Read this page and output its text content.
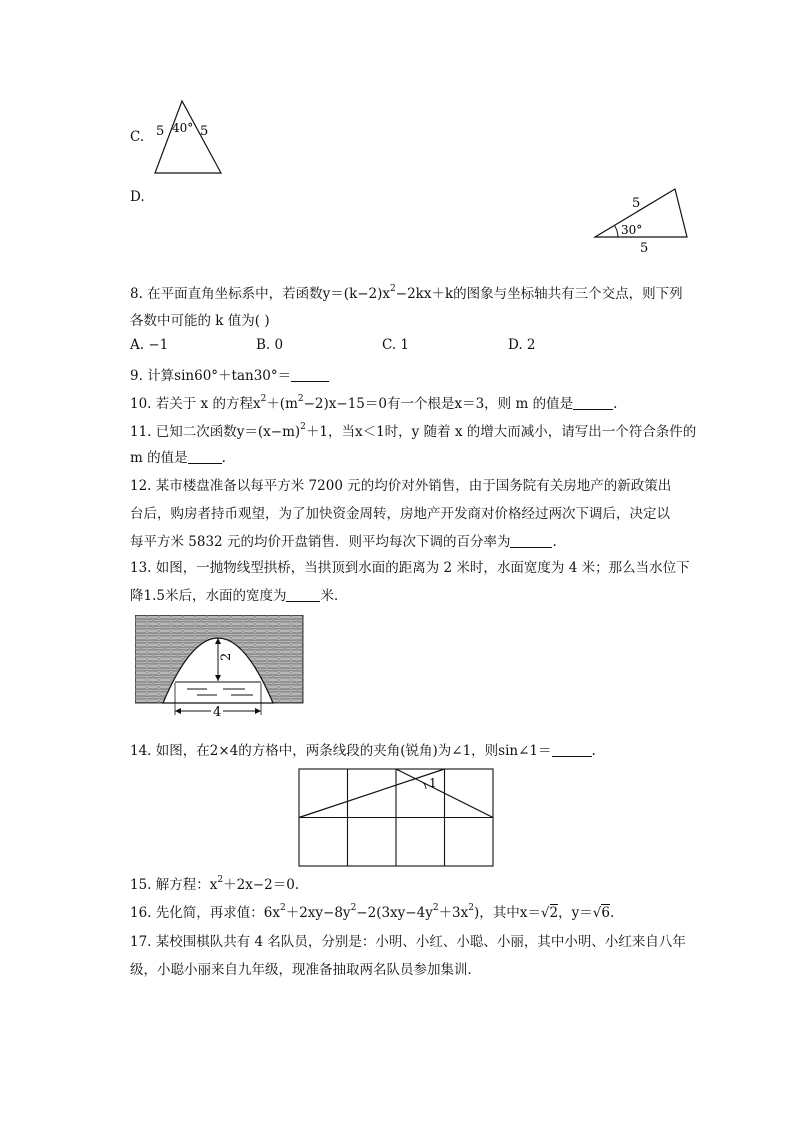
C. 5 40° 5
D.	5
30°
5
8. 在平面直角坐标系中，若函数$y=(k-2)x^2-2kx+k$的图象与坐标轴共有三个交点，则下列
各数中可能的 k 值为( )
A. −1	B. 0	C. 1	D. 2
9. 计算sin60°＋tan30°＝
10. 若关于 x 的方程$x^2+(m^2-2)x-15=0$有一个根是x＝3，则 m 的值是	.
11. 已知二次函数$y=(x-m)^2+1$，当x＜1时，y 随着 x 的增大而减小，请写出一个符合条件的
m 的值是	.
12. 某市楼盘准备以每平方米 7200 元的均价对外销售，由于国务院有关房地产的新政策出
台后，购房者持币观望，为了加快资金周转，房地产开发商对价格经过两次下调后，决定以
每平方米 5832 元的均价开盘销售．则平均每次下调的百分率为	.
13. 如图，一抛物线型拱桥，当拱顶到水面的距离为 2 米时，水面宽度为 4 米；那么当水位下
降1.5米后，水面的宽度为	米．
2
4
14. 如图，在2×4的方格中，两条线段的夹角(锐角)为∠1，则sin∠1＝	.
1
15. 解方程：$x^2+2x-2=0$.
16. 先化简，再求值：$6x^2+2xy-8y^2-2(3xy-4y^2+3x^2)$，其中x＝√2，y＝√6.
17. 某校围棋队共有 4 名队员，分别是：小明、小红、小聪、小丽，其中小明、小红来自八年
级，小聪小丽来自九年级，现准备抽取两名队员参加集训．
